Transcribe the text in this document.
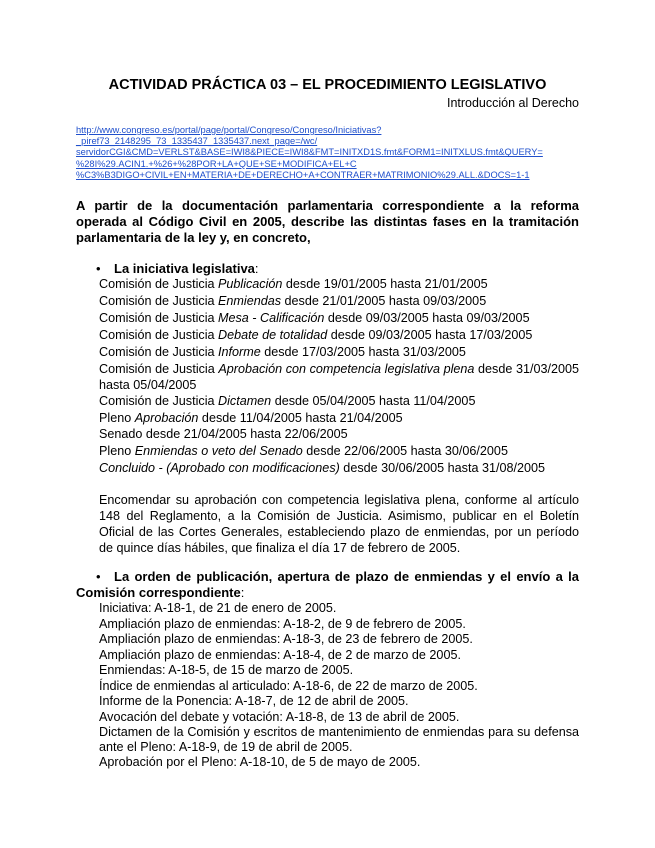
ACTIVIDAD PRÁCTICA 03 – EL PROCEDIMIENTO LEGISLATIVO
Introducción al Derecho
http://www.congreso.es/portal/page/portal/Congreso/Congreso/Iniciativas?
_piref73_2148295_73_1335437_1335437.next_page=/wc/
servidorCGI&CMD=VERLST&BASE=IWI8&PIECE=IWI8&FMT=INITXD1S.fmt&FORM1=INITXLUS.fmt&QUERY=
%28I%29.ACIN1.+%26+%28POR+LA+QUE+SE+MODIFICA+EL+C
%C3%B3DIGO+CIVIL+EN+MATERIA+DE+DERECHO+A+CONTRAER+MATRIMONIO%29.ALL.&DOCS=1-1
A partir de la documentación parlamentaria correspondiente a la reforma operada al Código Civil en 2005, describe las distintas fases en la tramitación parlamentaria de la ley y, en concreto,
• La iniciativa legislativa:
Comisión de Justicia Publicación desde 19/01/2005 hasta 21/01/2005
Comisión de Justicia Enmiendas desde 21/01/2005 hasta 09/03/2005
Comisión de Justicia Mesa - Calificación desde 09/03/2005 hasta 09/03/2005
Comisión de Justicia Debate de totalidad desde 09/03/2005 hasta 17/03/2005
Comisión de Justicia Informe desde 17/03/2005 hasta 31/03/2005
Comisión de Justicia Aprobación con competencia legislativa plena desde 31/03/2005 hasta 05/04/2005
Comisión de Justicia Dictamen desde 05/04/2005 hasta 11/04/2005
Pleno Aprobación desde 11/04/2005 hasta 21/04/2005
Senado desde 21/04/2005 hasta 22/06/2005
Pleno Enmiendas o veto del Senado desde 22/06/2005 hasta 30/06/2005
Concluido - (Aprobado con modificaciones) desde 30/06/2005 hasta 31/08/2005
Encomendar su aprobación con competencia legislativa plena, conforme al artículo 148 del Reglamento, a la Comisión de Justicia. Asimismo, publicar en el Boletín Oficial de las Cortes Generales, estableciendo plazo de enmiendas, por un período de quince días hábiles, que finaliza el día 17 de febrero de 2005.
• La orden de publicación, apertura de plazo de enmiendas y el envío a la Comisión correspondiente:
Iniciativa: A-18-1, de 21 de enero de 2005.
Ampliación plazo de enmiendas: A-18-2, de 9 de febrero de 2005.
Ampliación plazo de enmiendas: A-18-3, de 23 de febrero de 2005.
Ampliación plazo de enmiendas: A-18-4, de 2 de marzo de 2005.
Enmiendas: A-18-5, de 15 de marzo de 2005.
Índice de enmiendas al articulado: A-18-6, de 22 de marzo de 2005.
Informe de la Ponencia: A-18-7, de 12 de abril de 2005.
Avocación del debate y votación: A-18-8, de 13 de abril de 2005.
Dictamen de la Comisión y escritos de mantenimiento de enmiendas para su defensa ante el Pleno: A-18-9, de 19 de abril de 2005.
Aprobación por el Pleno: A-18-10, de 5 de mayo de 2005.
